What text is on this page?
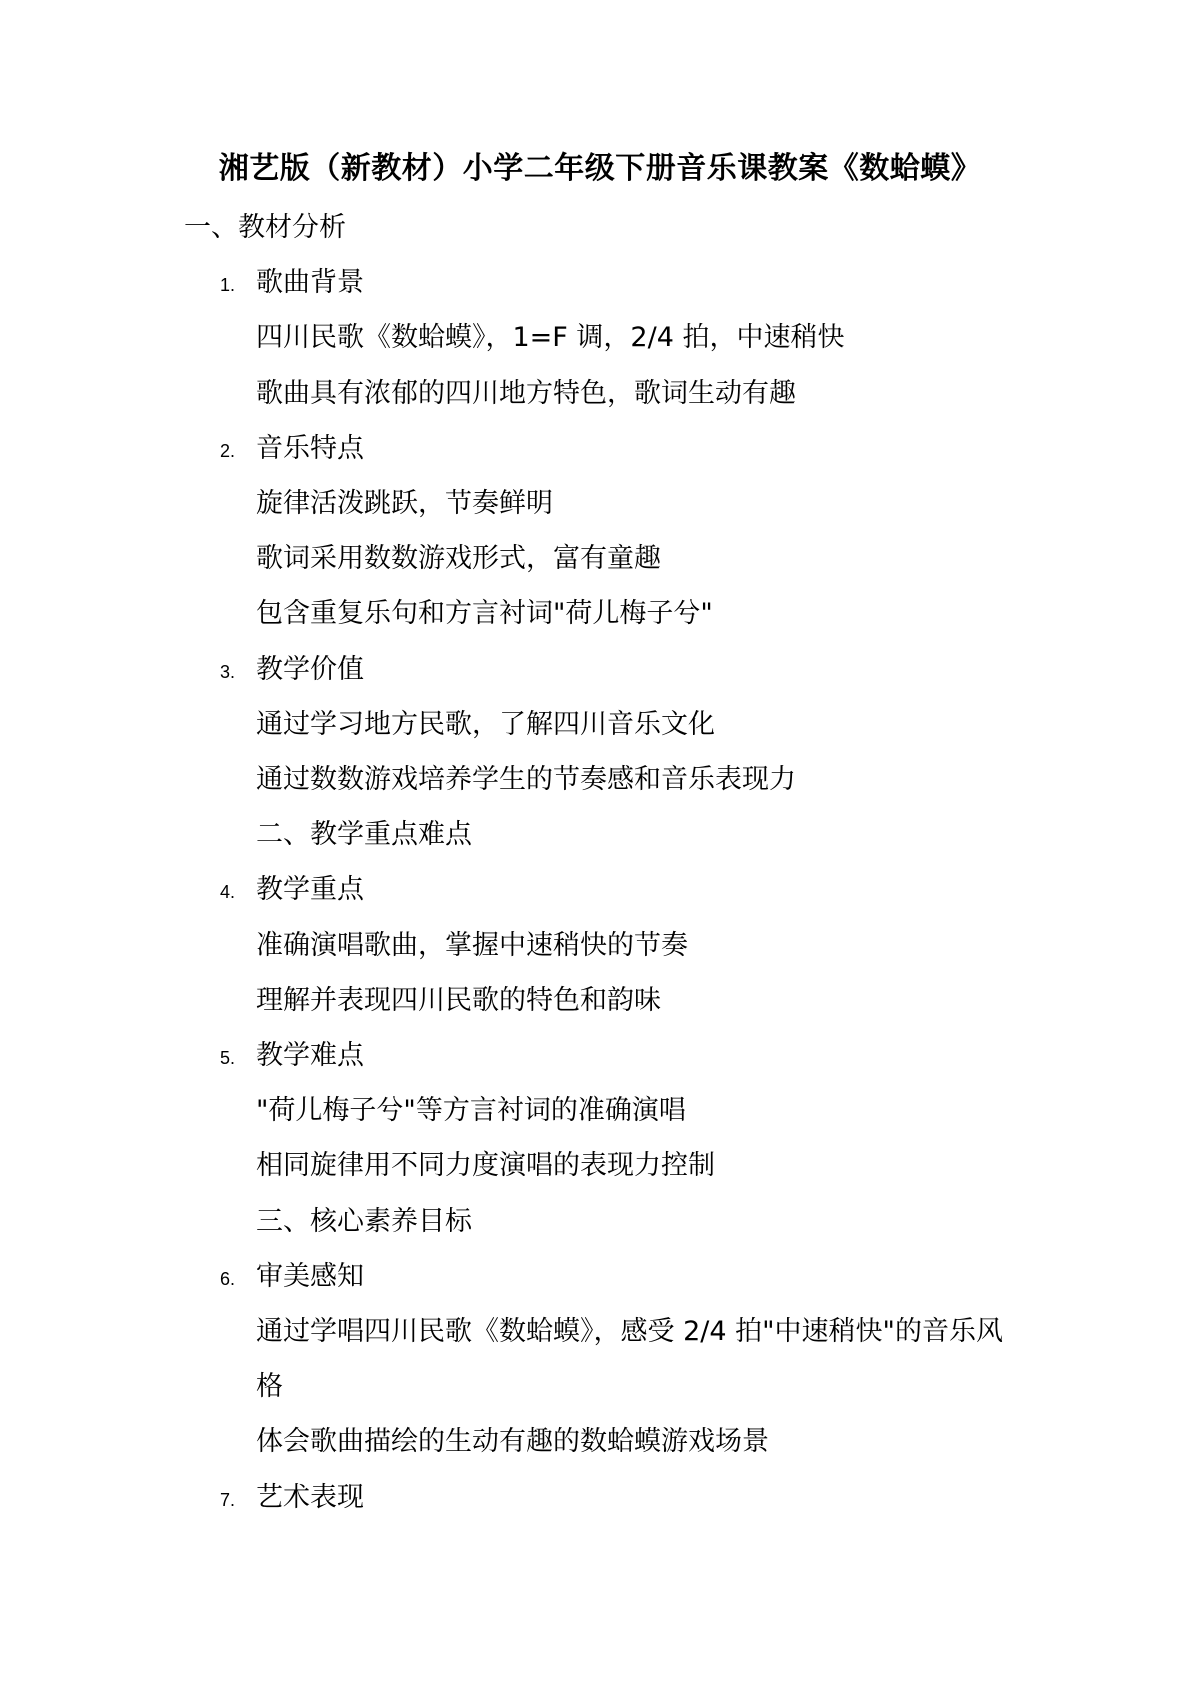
湘艺版（新教材）小学二年级下册音乐课教案《数蛤蟆》
一、教材分析
1. 歌曲背景
四川民歌《数蛤蟆》，1=F 调，2/4 拍，中速稍快
歌曲具有浓郁的四川地方特色，歌词生动有趣
2. 音乐特点
旋律活泼跳跃，节奏鲜明
歌词采用数数游戏形式，富有童趣
包含重复乐句和方言衬词"荷儿梅子兮"
3. 教学价值
通过学习地方民歌，了解四川音乐文化
通过数数游戏培养学生的节奏感和音乐表现力
二、教学重点难点
4. 教学重点
准确演唱歌曲，掌握中速稍快的节奏
理解并表现四川民歌的特色和韵味
5. 教学难点
"荷儿梅子兮"等方言衬词的准确演唱
相同旋律用不同力度演唱的表现力控制
三、核心素养目标
6. 审美感知
通过学唱四川民歌《数蛤蟆》，感受 2/4 拍"中速稍快"的音乐风
格
体会歌曲描绘的生动有趣的数蛤蟆游戏场景
7. 艺术表现
